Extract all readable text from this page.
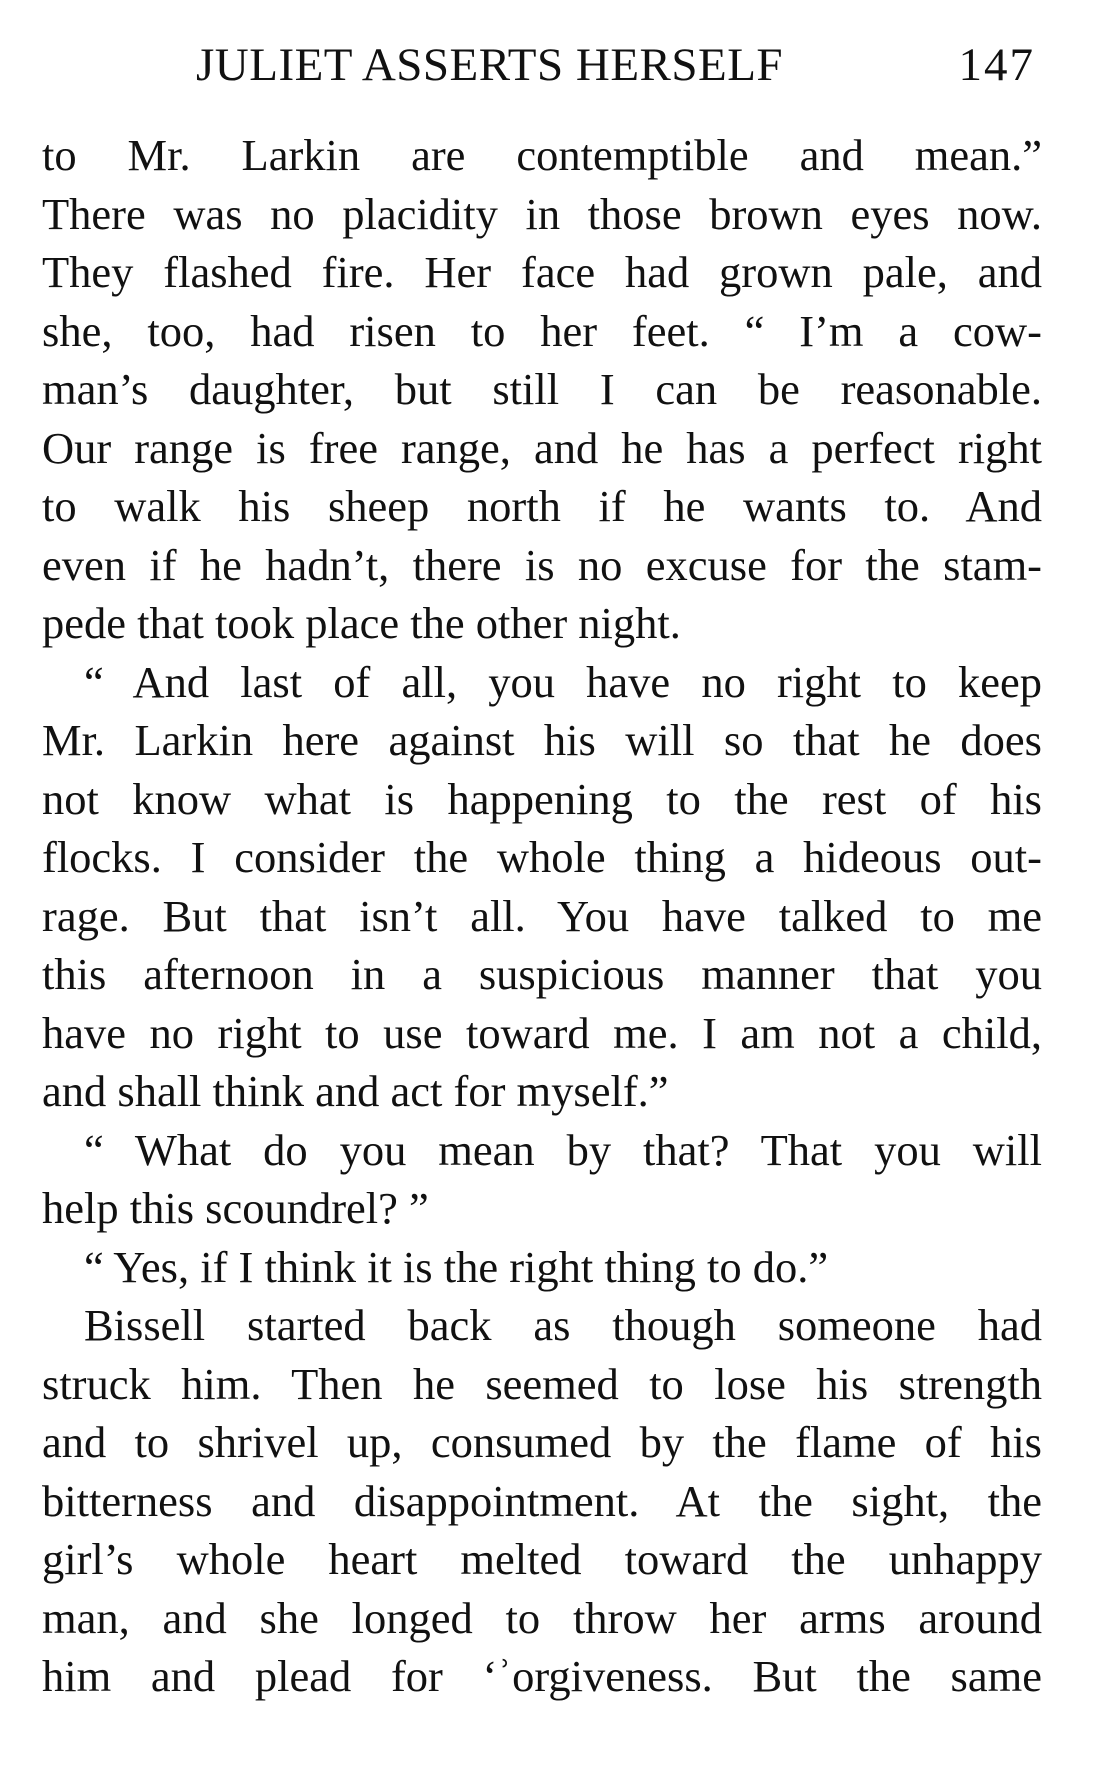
JULIET ASSERTS HERSELF	147
to Mr. Larkin are contemptible and mean.”
There was no placidity in those brown eyes now.
They flashed fire. Her face had grown pale, and
she, too, had risen to her feet. “ I’m a cow-
man’s daughter, but still I can be reasonable.
Our range is free range, and he has a perfect right
to walk his sheep north if he wants to. And
even if he hadn’t, there is no excuse for the stam-
pede that took place the other night.
“ And last of all, you have no right to keep
Mr. Larkin here against his will so that he does
not know what is happening to the rest of his
flocks. I consider the whole thing a hideous out-
rage. But that isn’t all. You have talked to me
this afternoon in a suspicious manner that you
have no right to use toward me. I am not a child,
and shall think and act for myself.”
“ What do you mean by that? That you will
help this scoundrel? ”
“ Yes, if I think it is the right thing to do.”
Bissell started back as though someone had
struck him. Then he seemed to lose his strength
and to shrivel up, consumed by the flame of his
bitterness and disappointment. At the sight, the
girl’s whole heart melted toward the unhappy
man, and she longed to throw her arms around
him and plead for ‘ʾorgiveness. But the same
